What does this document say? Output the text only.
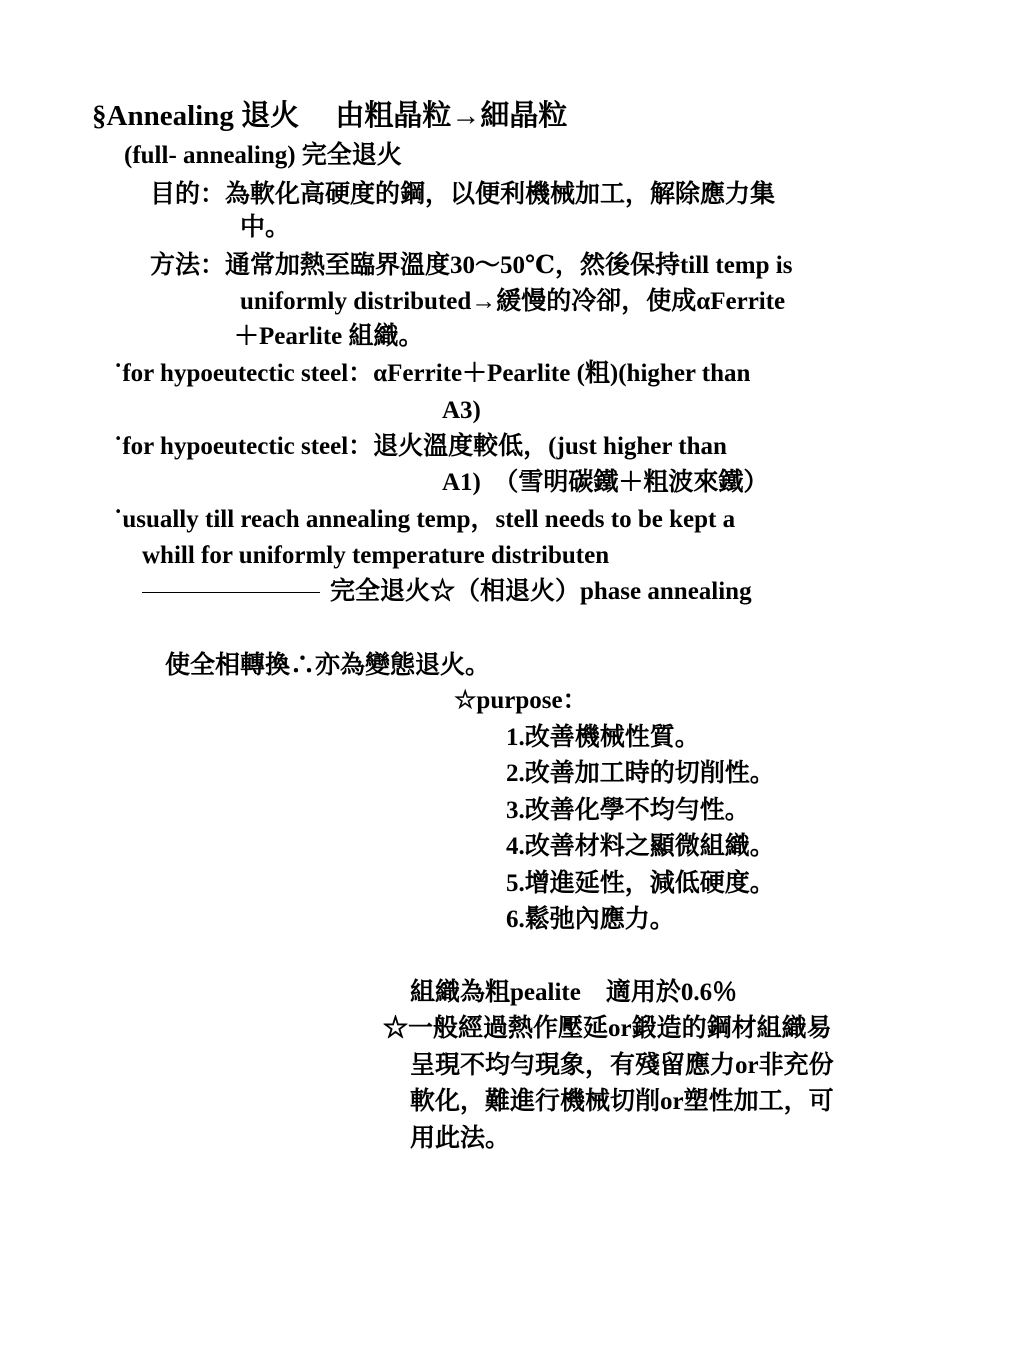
§Annealing 退火　 由粗晶粒→細晶粒
(full- annealing) 完全退火
目的：為軟化高硬度的鋼，以便利機械加工，解除應力集
中。
方法：通常加熱至臨界溫度30～50℃，然後保持till temp is
uniformly distributed→緩慢的冷卻，使成αFerrite
＋Pearlite 組織。
˙for hypoeutectic steel：αFerrite＋Pearlite (粗)(higher than
A3)
˙for hypoeutectic steel：退火溫度較低，(just higher than
A1)　（雪明碳鐵＋粗波來鐵）
˙usually till reach annealing temp，stell needs to be kept a
whill for uniformly temperature distributen
完全退火☆（相退火）phase annealing
使全相轉換∴亦為變態退火。
☆purpose：
1.改善機械性質。
2.改善加工時的切削性。
3.改善化學不均勻性。
4.改善材料之顯微組織。
5.增進延性，減低硬度。
6.鬆弛內應力。
組織為粗pealite　適用於0.6％
☆一般經過熱作壓延or鍛造的鋼材組織易
呈現不均勻現象，有殘留應力or非充份
軟化，難進行機械切削or塑性加工，可
用此法。
